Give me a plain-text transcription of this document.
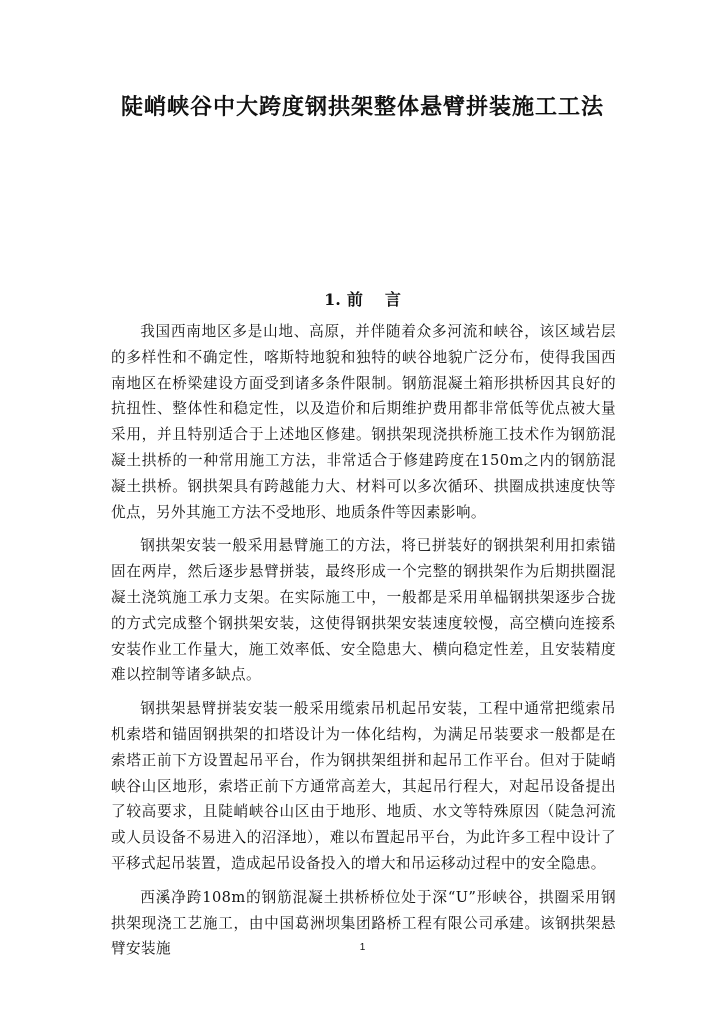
陡峭峡谷中大跨度钢拱架整体悬臂拼装施工工法
1. 前言

我国西南地区多是山地、高原，并伴随着众多河流和峡谷，该区域岩层的多样性和不确定性，喀斯特地貌和独特的峡谷地貌广泛分布，使得我国西南地区在桥梁建设方面受到诸多条件限制。钢筋混凝土箱形拱桥因其良好的抗扭性、整体性和稳定性，以及造价和后期维护费用都非常低等优点被大量采用，并且特别适合于上述地区修建。钢拱架现浇拱桥施工技术作为钢筋混凝土拱桥的一种常用施工方法，非常适合于修建跨度在150m之内的钢筋混凝土拱桥。钢拱架具有跨越能力大、材料可以多次循环、拱圈成拱速度快等优点，另外其施工方法不受地形、地质条件等因素影响。

钢拱架安装一般采用悬臂施工的方法，将已拼装好的钢拱架利用扣索锚固在两岸，然后逐步悬臂拼装，最终形成一个完整的钢拱架作为后期拱圈混凝土浇筑施工承力支架。在实际施工中，一般都是采用单榀钢拱架逐步合拢的方式完成整个钢拱架安装，这使得钢拱架安装速度较慢，高空横向连接系安装作业工作量大，施工效率低、安全隐患大、横向稳定性差，且安装精度难以控制等诸多缺点。

钢拱架悬臂拼装安装一般采用缆索吊机起吊安装，工程中通常把缆索吊机索塔和锚固钢拱架的扣塔设计为一体化结构，为满足吊装要求一般都是在索塔正前下方设置起吊平台，作为钢拱架组拼和起吊工作平台。但对于陡峭峡谷山区地形，索塔正前下方通常高差大，其起吊行程大，对起吊设备提出了较高要求，且陡峭峡谷山区由于地形、地质、水文等特殊原因（陡急河流或人员设备不易进入的沼泽地），难以布置起吊平台，为此许多工程中设计了平移式起吊装置，造成起吊设备投入的增大和吊运移动过程中的安全隐患。

西溪净跨108m的钢筋混凝土拱桥桥位处于深“U”形峡谷，拱圈采用钢拱架现浇工艺施工，由中国葛洲坝集团路桥工程有限公司承建。该钢拱架悬臂安装施	1
